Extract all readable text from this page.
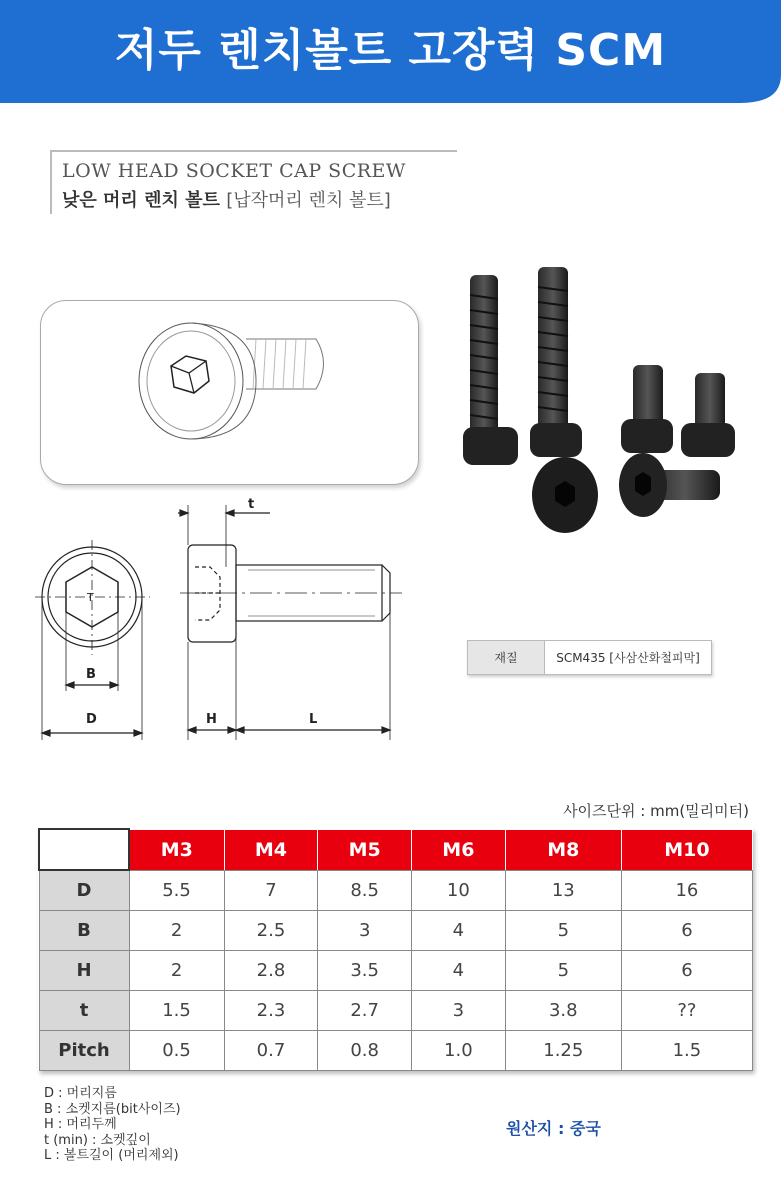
저두 렌치볼트 고장력 SCM
LOW HEAD SOCKET CAP SCREW
낮은 머리 렌치 볼트 [납작머리 렌치 볼트]
t
T
B
D	H	L
재질	SCM435 [사삼산화철피막]
사이즈단위 : mm(밀리미터)
	M3	M4	M5	M6	M8	M10
D	5.5	7	8.5	10	13	16
B	2	2.5	3	4	5	6
H	2	2.8	3.5	4	5	6
t	1.5	2.3	2.7	3	3.8	??
Pitch	0.5	0.7	0.8	1.0	1.25	1.5
D : 머리지름
B : 소켓지름(bit사이즈)
H : 머리두께
t (min) : 소켓깊이
L : 볼트길이 (머리제외)
원산지 : 중국
